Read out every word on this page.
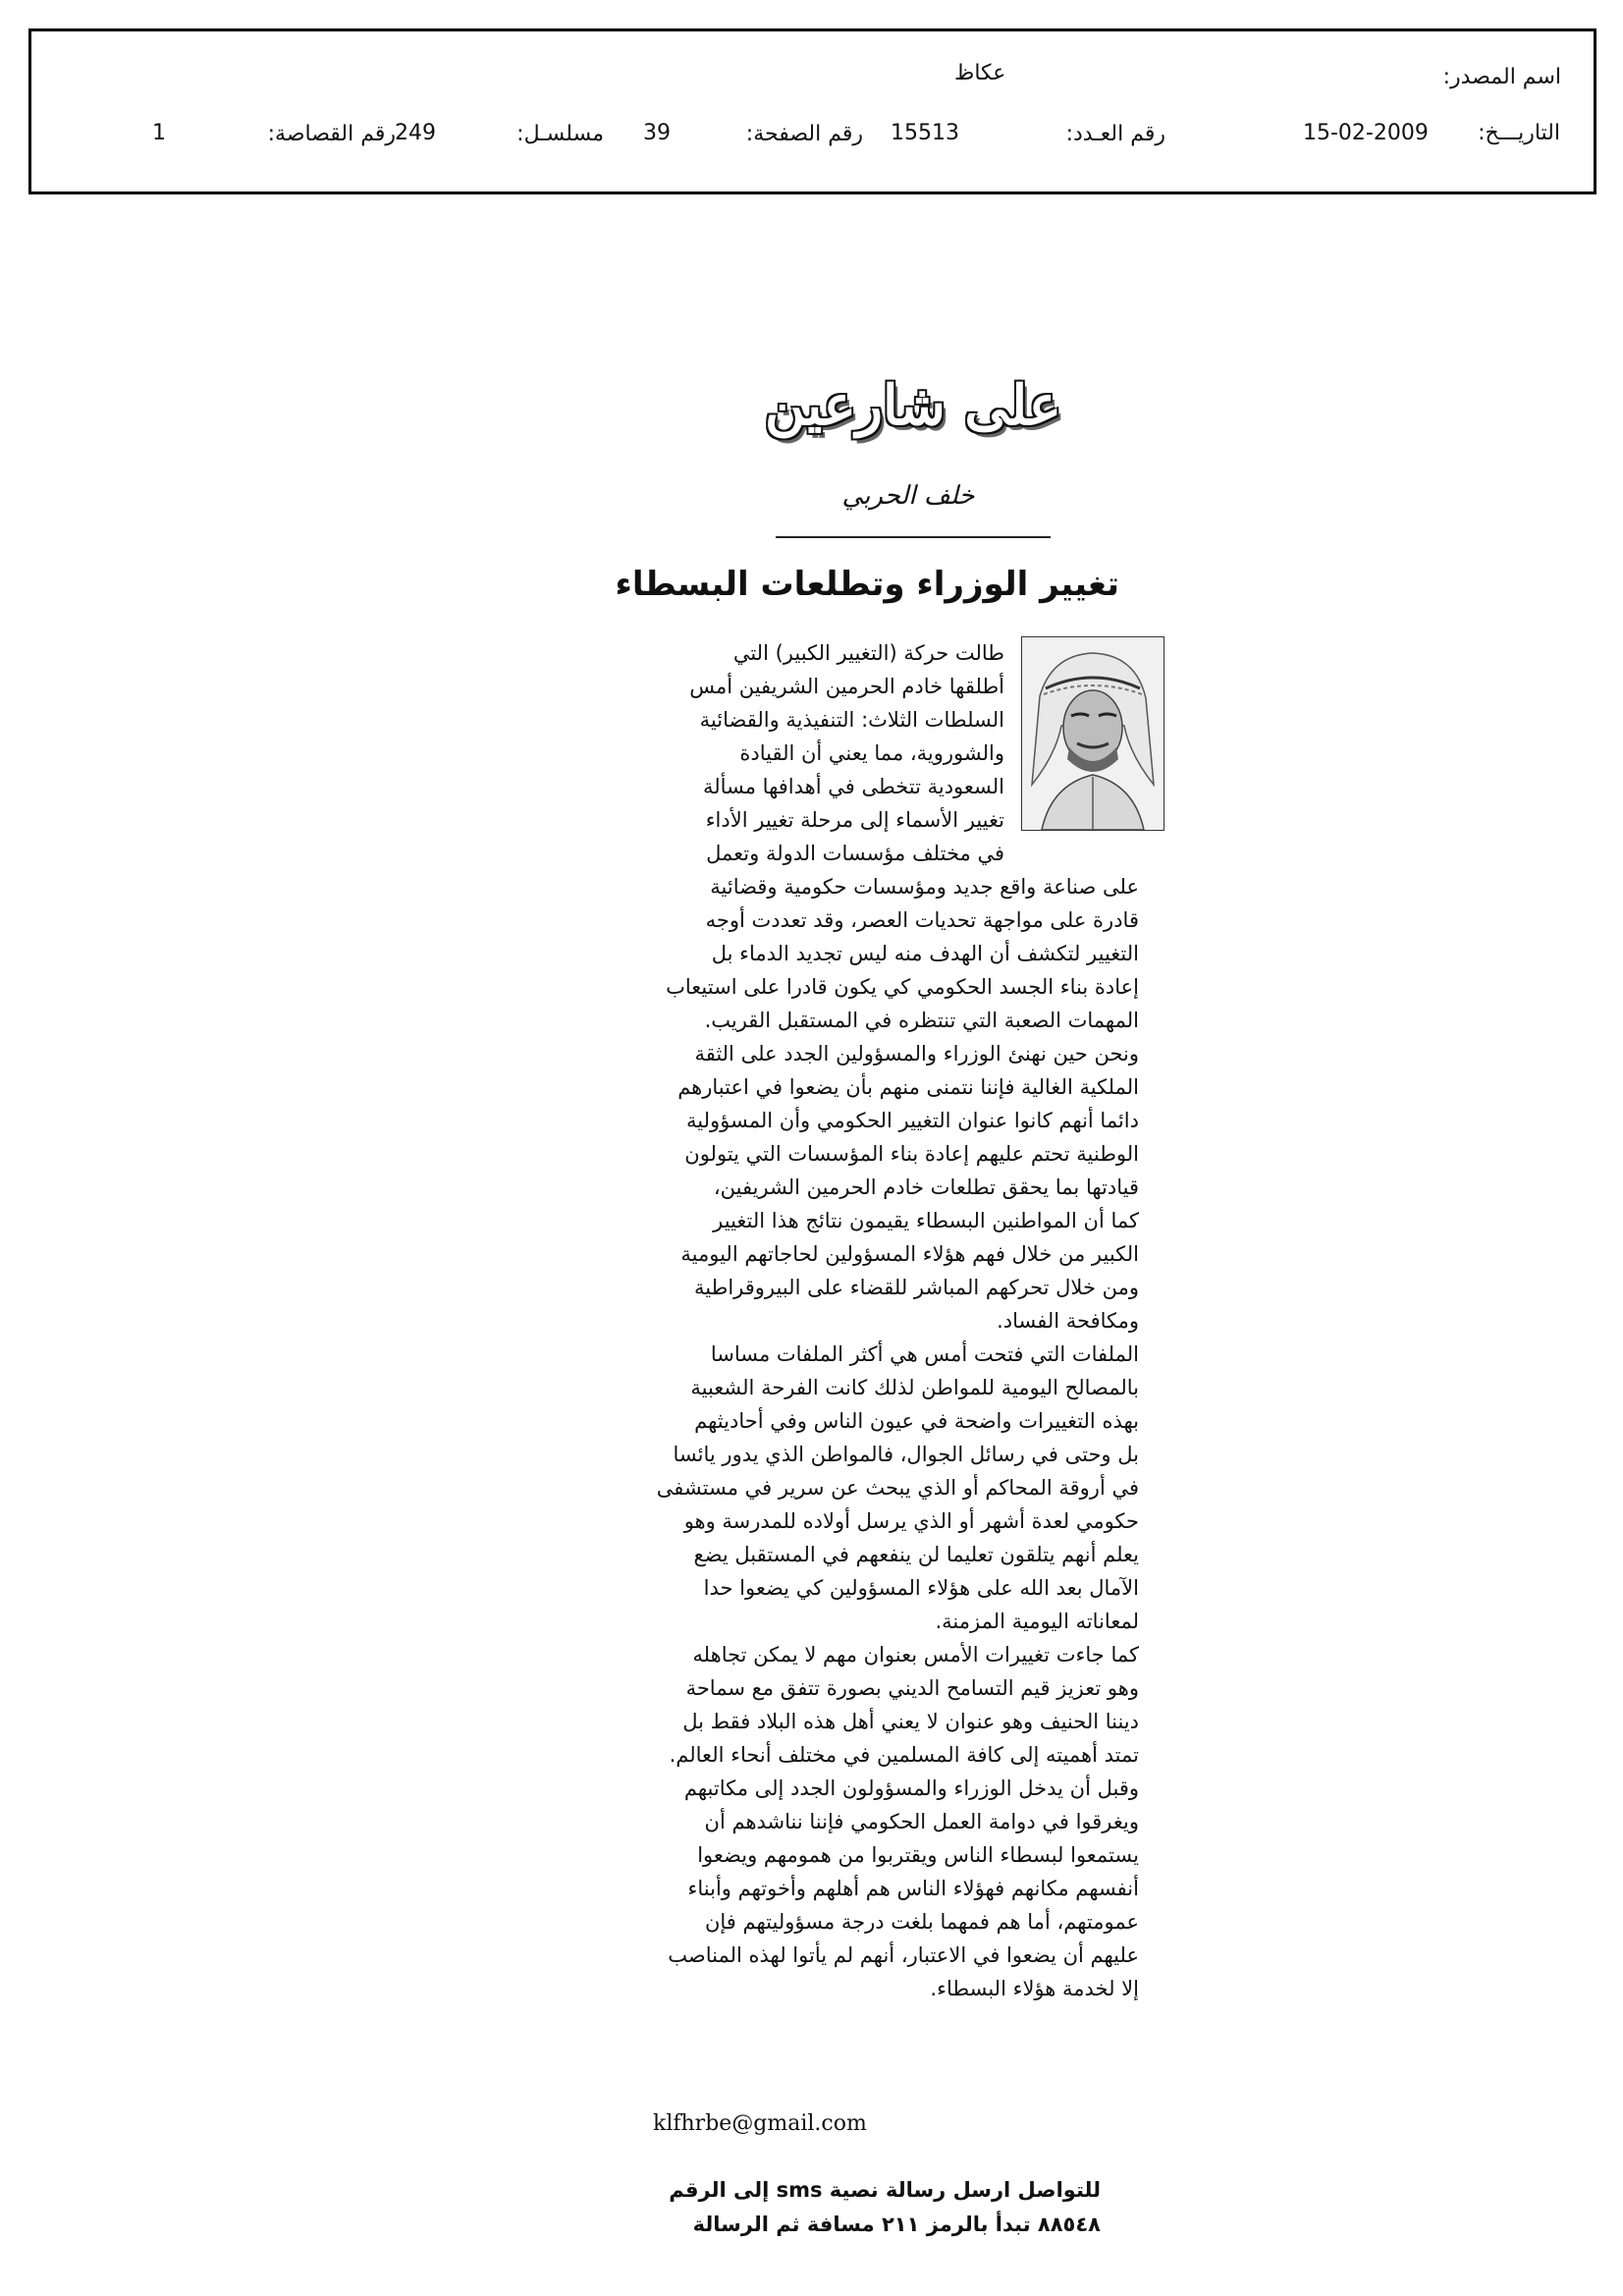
اسم المصدر:
عكاظ
التاريـــخ:
15-02-2009
رقم العـدد:
15513
رقم الصفحة:
39
مسلسـل:
249
رقم القصاصة:
1
على شارعين
خلف الحربي
تغيير الوزراء وتطلعات البسطاء
طالت حركة (التغيير الكبير) التي
أطلقها خادم الحرمين الشريفين أمس
السلطات الثلاث: التنفيذية والقضائية
والشوروية، مما يعني أن القيادة
السعودية تتخطى في أهدافها مسألة
تغيير الأسماء إلى مرحلة تغيير الأداء
في مختلف مؤسسات الدولة وتعمل
على صناعة واقع جديد ومؤسسات حكومية وقضائية
قادرة على مواجهة تحديات العصر، وقد تعددت أوجه
التغيير لتكشف أن الهدف منه ليس تجديد الدماء بل
إعادة بناء الجسد الحكومي كي يكون قادرا على استيعاب
المهمات الصعبة التي تنتظره في المستقبل القريب.
ونحن حين نهنئ الوزراء والمسؤولين الجدد على الثقة
الملكية الغالية فإننا نتمنى منهم بأن يضعوا في اعتبارهم
دائما أنهم كانوا عنوان التغيير الحكومي وأن المسؤولية
الوطنية تحتم عليهم إعادة بناء المؤسسات التي يتولون
قيادتها بما يحقق تطلعات خادم الحرمين الشريفين،
كما أن المواطنين البسطاء يقيمون نتائج هذا التغيير
الكبير من خلال فهم هؤلاء المسؤولين لحاجاتهم اليومية
ومن خلال تحركهم المباشر للقضاء على البيروقراطية
ومكافحة الفساد.
الملفات التي فتحت أمس هي أكثر الملفات مساسا
بالمصالح اليومية للمواطن لذلك كانت الفرحة الشعبية
بهذه التغييرات واضحة في عيون الناس وفي أحاديثهم
بل وحتى في رسائل الجوال، فالمواطن الذي يدور يائسا
في أروقة المحاكم أو الذي يبحث عن سرير في مستشفى
حكومي لعدة أشهر أو الذي يرسل أولاده للمدرسة وهو
يعلم أنهم يتلقون تعليما لن ينفعهم في المستقبل يضع
الآمال بعد الله على هؤلاء المسؤولين كي يضعوا حدا
لمعاناته اليومية المزمنة.
كما جاءت تغييرات الأمس بعنوان مهم لا يمكن تجاهله
وهو تعزيز قيم التسامح الديني بصورة تتفق مع سماحة
ديننا الحنيف وهو عنوان لا يعني أهل هذه البلاد فقط بل
تمتد أهميته إلى كافة المسلمين في مختلف أنحاء العالم.
وقبل أن يدخل الوزراء والمسؤولون الجدد إلى مكاتبهم
ويغرقوا في دوامة العمل الحكومي فإننا نناشدهم أن
يستمعوا لبسطاء الناس ويقتربوا من همومهم ويضعوا
أنفسهم مكانهم فهؤلاء الناس هم أهلهم وأخوتهم وأبناء
عمومتهم، أما هم فمهما بلغت درجة مسؤوليتهم فإن
عليهم أن يضعوا في الاعتبار، أنهم لم يأتوا لهذه المناصب
إلا لخدمة هؤلاء البسطاء.
klfhrbe@gmail.com
للتواصل ارسل رسالة نصية sms إلى الرقم
٨٨٥٤٨ تبدأ بالرمز ٢١١ مسافة ثم الرسالة
